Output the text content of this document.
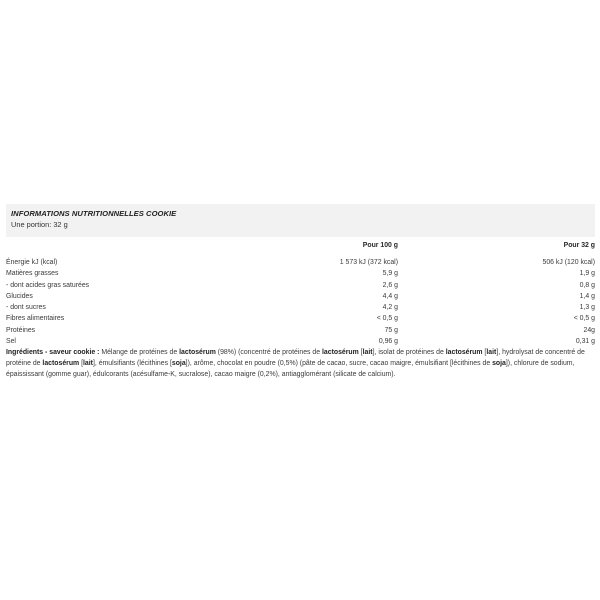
INFORMATIONS NUTRITIONNELLES COOKIE
Une portion: 32 g
	Pour 100 g	Pour 32 g

Énergie kJ (kcal)	1 573 kJ (372 kcal)	506 kJ (120 kcal)
Matières grasses	5,9 g	1,9 g
- dont acides gras saturées	2,6 g	0,8 g
Glucides	4,4 g	1,4 g
- dont sucres	4,2 g	1,3 g
Fibres alimentaires	< 0,5 g	< 0,5 g
Protéines	75 g	24g
Sel	0,96 g	0,31 g
Ingrédients - saveur cookie : Mélange de protéines de lactosérum (98%) (concentré de protéines de lactosérum [lait], isolat de protéines de lactosérum [lait], hydrolysat de concentré de protéine de lactosérum [lait], émulsifiants (lécithines [soja]), arôme, chocolat en poudre (0,5%) (pâte de cacao, sucre, cacao maigre, émulsifiant [lécithines de soja]), chlorure de sodium, épaississant (gomme guar), édulcorants (acésulfame-K, sucralose), cacao maigre (0,2%), antiagglomérant (silicate de calcium).
